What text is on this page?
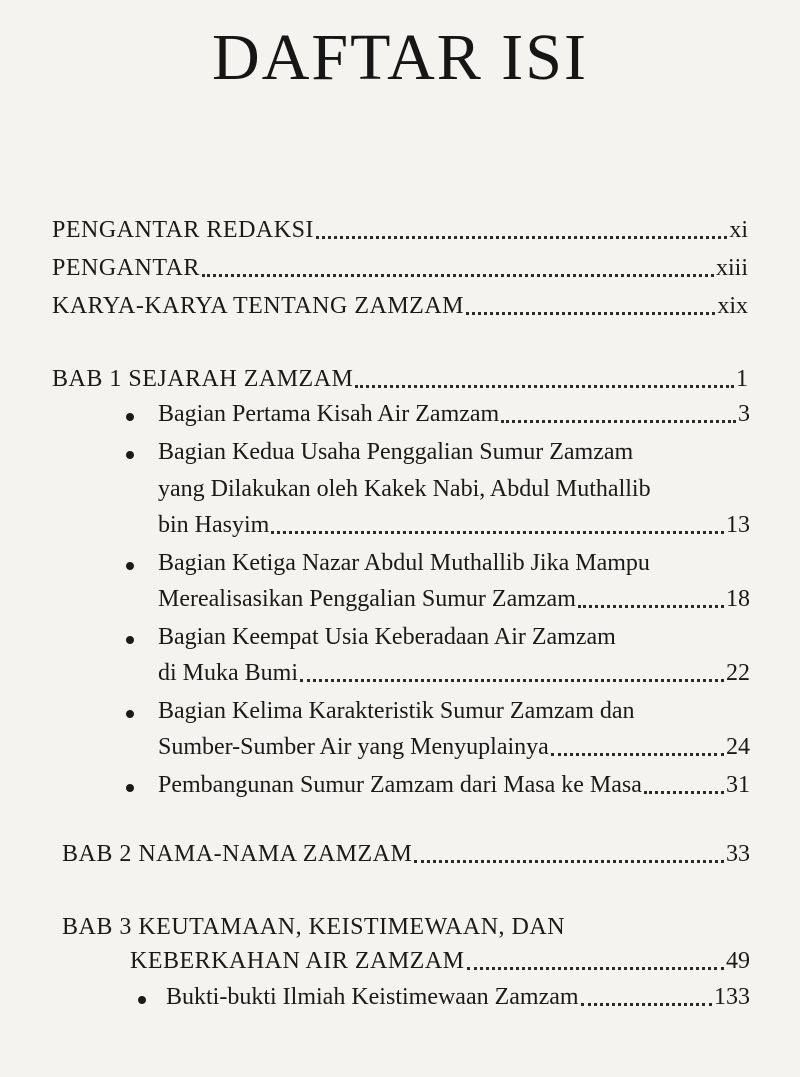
DAFTAR ISI
PENGANTAR REDAKSI	xi
PENGANTAR	xiii
KARYA-KARYA TENTANG ZAMZAM	xix
BAB 1 SEJARAH ZAMZAM	1
Bagian Pertama Kisah Air Zamzam	3
Bagian Kedua Usaha Penggalian Sumur Zamzam
yang Dilakukan oleh Kakek Nabi, Abdul Muthallib
bin Hasyim	13
Bagian Ketiga Nazar Abdul Muthallib Jika Mampu
Merealisasikan Penggalian Sumur Zamzam	18
Bagian Keempat Usia Keberadaan Air Zamzam
di Muka Bumi	22
Bagian Kelima Karakteristik Sumur Zamzam dan
Sumber-Sumber Air yang Menyuplainya	24
Pembangunan Sumur Zamzam dari Masa ke Masa	31
BAB 2 NAMA-NAMA ZAMZAM	33
BAB 3 KEUTAMAAN, KEISTIMEWAAN, DAN
KEBERKAHAN AIR ZAMZAM	49
Bukti-bukti Ilmiah Keistimewaan Zamzam	133
